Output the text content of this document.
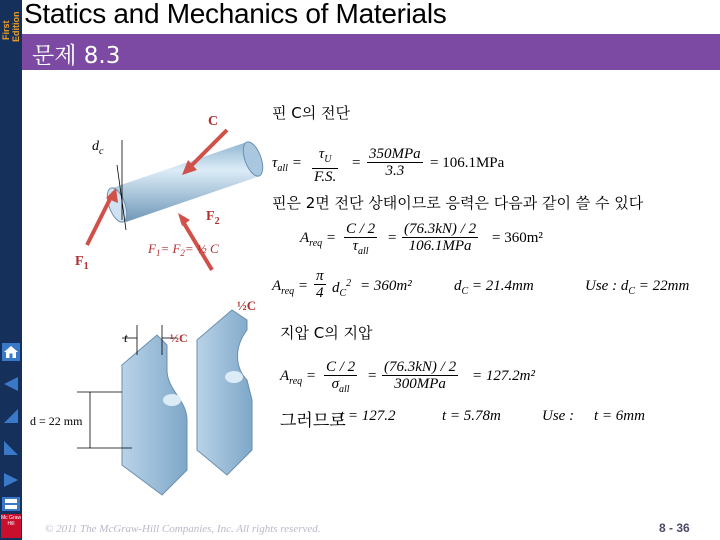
First Edition
Mc Graw Hill
Statics and Mechanics of Materials
문제 8.3
C
$d_c$
$F_2$
$F_1$
$F_1= F_2=$ ½ C
½C
t	½C
d = 22 mm
핀 C의 전단
$\tau_{all} = \frac{\tau_U}{F.S.}$ =
350MPa
3.3	= 106.1MPa
핀은 2면 전단 상태이므로 응력은 다음과 같이 쓸 수 있다
$A_{req}$ =
C / 2
$\tau_{all}$
=
(76.3kN) / 2
106.1MPa	= 360m²
$A_{req} = \frac{\pi}{4} d_C^2 = 360m^2$	$d_C = 21.4mm$	Use : $d_C = 22mm$
지압 C의 지압
$A_{req}$ =
C / 2
$\sigma_{all}$
=
(76.3kN) / 2
300MPa	= 127.2m²
그러므로
t = 127.2	t = 5.78m	Use : t = 6mm
© 2011 The McGraw-Hill Companies, Inc. All rights reserved.	8 - 36
